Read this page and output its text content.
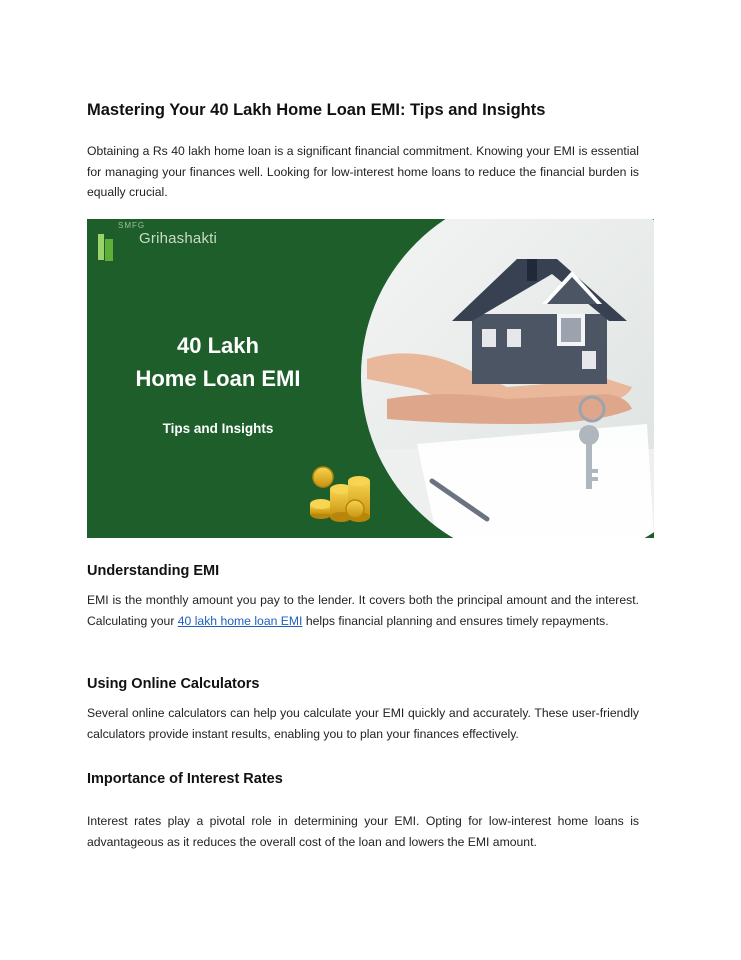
Mastering Your 40 Lakh Home Loan EMI: Tips and Insights

Obtaining a Rs 40 lakh home loan is a significant financial commitment. Knowing your EMI is essential for managing your finances well. Looking for low-interest home loans to reduce the financial burden is equally crucial.

SMFG
Grihashakti
40 Lakh
Home Loan EMI
Tips and Insights
Understanding EMI

EMI is the monthly amount you pay to the lender. It covers both the principal amount and the interest. Calculating your 40 lakh home loan EMI helps financial planning and ensures timely repayments.

Using Online Calculators

Several online calculators can help you calculate your EMI quickly and accurately. These user-friendly calculators provide instant results, enabling you to plan your finances effectively.

Importance of Interest Rates

Interest rates play a pivotal role in determining your EMI. Opting for low-interest home loans is advantageous as it reduces the overall cost of the loan and lowers the EMI amount.
